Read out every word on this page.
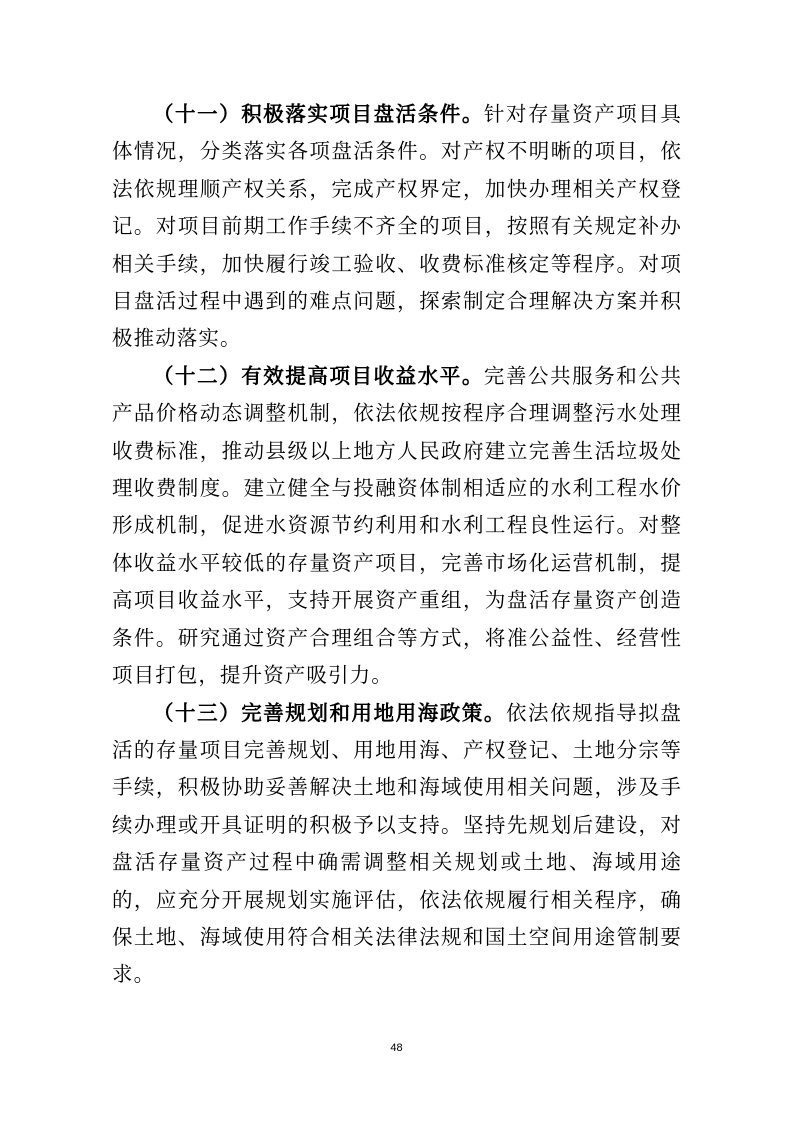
（十一）积极落实项目盘活条件。针对存量资产项目具体情况，分类落实各项盘活条件。对产权不明晰的项目，依法依规理顺产权关系，完成产权界定，加快办理相关产权登记。对项目前期工作手续不齐全的项目，按照有关规定补办相关手续，加快履行竣工验收、收费标准核定等程序。对项目盘活过程中遇到的难点问题，探索制定合理解决方案并积极推动落实。

（十二）有效提高项目收益水平。完善公共服务和公共产品价格动态调整机制，依法依规按程序合理调整污水处理收费标准，推动县级以上地方人民政府建立完善生活垃圾处理收费制度。建立健全与投融资体制相适应的水利工程水价形成机制，促进水资源节约利用和水利工程良性运行。对整体收益水平较低的存量资产项目，完善市场化运营机制，提高项目收益水平，支持开展资产重组，为盘活存量资产创造条件。研究通过资产合理组合等方式，将准公益性、经营性项目打包，提升资产吸引力。

（十三）完善规划和用地用海政策。依法依规指导拟盘活的存量项目完善规划、用地用海、产权登记、土地分宗等手续，积极协助妥善解决土地和海域使用相关问题，涉及手续办理或开具证明的积极予以支持。坚持先规划后建设，对盘活存量资产过程中确需调整相关规划或土地、海域用途的，应充分开展规划实施评估，依法依规履行相关程序，确保土地、海域使用符合相关法律法规和国土空间用途管制要求。

48
